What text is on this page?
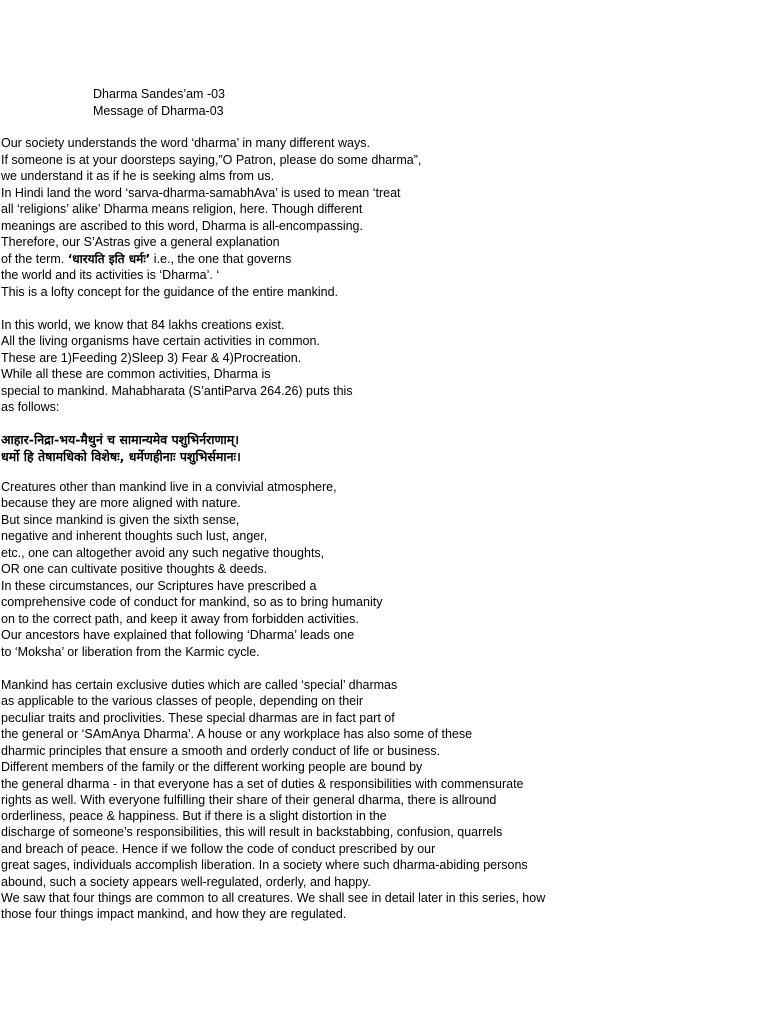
Dharma Sandes’am -03
Message of Dharma-03
Our society understands the word ‘dharma’ in many different ways.
If someone is at your doorsteps saying,”O Patron, please do some dharma”,
we understand it as if he is seeking alms from us.
In Hindi land the word ‘sarva-dharma-samabhAva’ is used to mean ‘treat
all ‘religions’ alike’ Dharma means religion, here. Though different
meanings are ascribed to this word, Dharma is all-encompassing.
Therefore, our S’Astras give a general explanation
of the term. ‘धारयति इति धर्मः’ i.e., the one that governs
the world and its activities is ‘Dharma’. ‘
This is a lofty concept for the guidance of the entire mankind.
In this world, we know that 84 lakhs creations exist.
All the living organisms have certain activities in common.
These are 1)Feeding 2)Sleep 3) Fear & 4)Procreation.
While all these are common activities, Dharma is
special to mankind. Mahabharata (S’antiParva 264.26) puts this
as follows:
आहार-निद्रा-भय-मैथुनं च सामान्यमेव पशुभिर्नराणाम्।
धर्मो हि तेषामधिको विशेषः, धर्मेणहीनाः पशुभिर्समानः।
Creatures other than mankind live in a convivial atmosphere,
because they are more aligned with nature.
But since mankind is given the sixth sense,
negative and inherent thoughts such lust, anger,
etc., one can altogether avoid any such negative thoughts,
OR one can cultivate positive thoughts & deeds.
In these circumstances, our Scriptures have prescribed a
comprehensive code of conduct for mankind, so as to bring humanity
on to the correct path, and keep it away from forbidden activities.
Our ancestors have explained that following ‘Dharma’ leads one
to ‘Moksha’ or liberation from the Karmic cycle.
Mankind has certain exclusive duties which are called ‘special’ dharmas
as applicable to the various classes of people, depending on their
peculiar traits and proclivities. These special dharmas are in fact part of
the general or ‘SAmAnya Dharma’. A house or any workplace has also some of these
dharmic principles that ensure a smooth and orderly conduct of life or business.
Different members of the family or the different working people are bound by
the general dharma - in that everyone has a set of duties & responsibilities with commensurate
rights as well. With everyone fulfilling their share of their general dharma, there is allround
orderliness, peace & happiness. But if there is a slight distortion in the
discharge of someone’s responsibilities, this will result in backstabbing, confusion, quarrels
and breach of peace. Hence if we follow the code of conduct prescribed by our
great sages, individuals accomplish liberation. In a society where such dharma-abiding persons
abound, such a society appears well-regulated, orderly, and happy.
We saw that four things are common to all creatures. We shall see in detail later in this series, how
those four things impact mankind, and how they are regulated.
